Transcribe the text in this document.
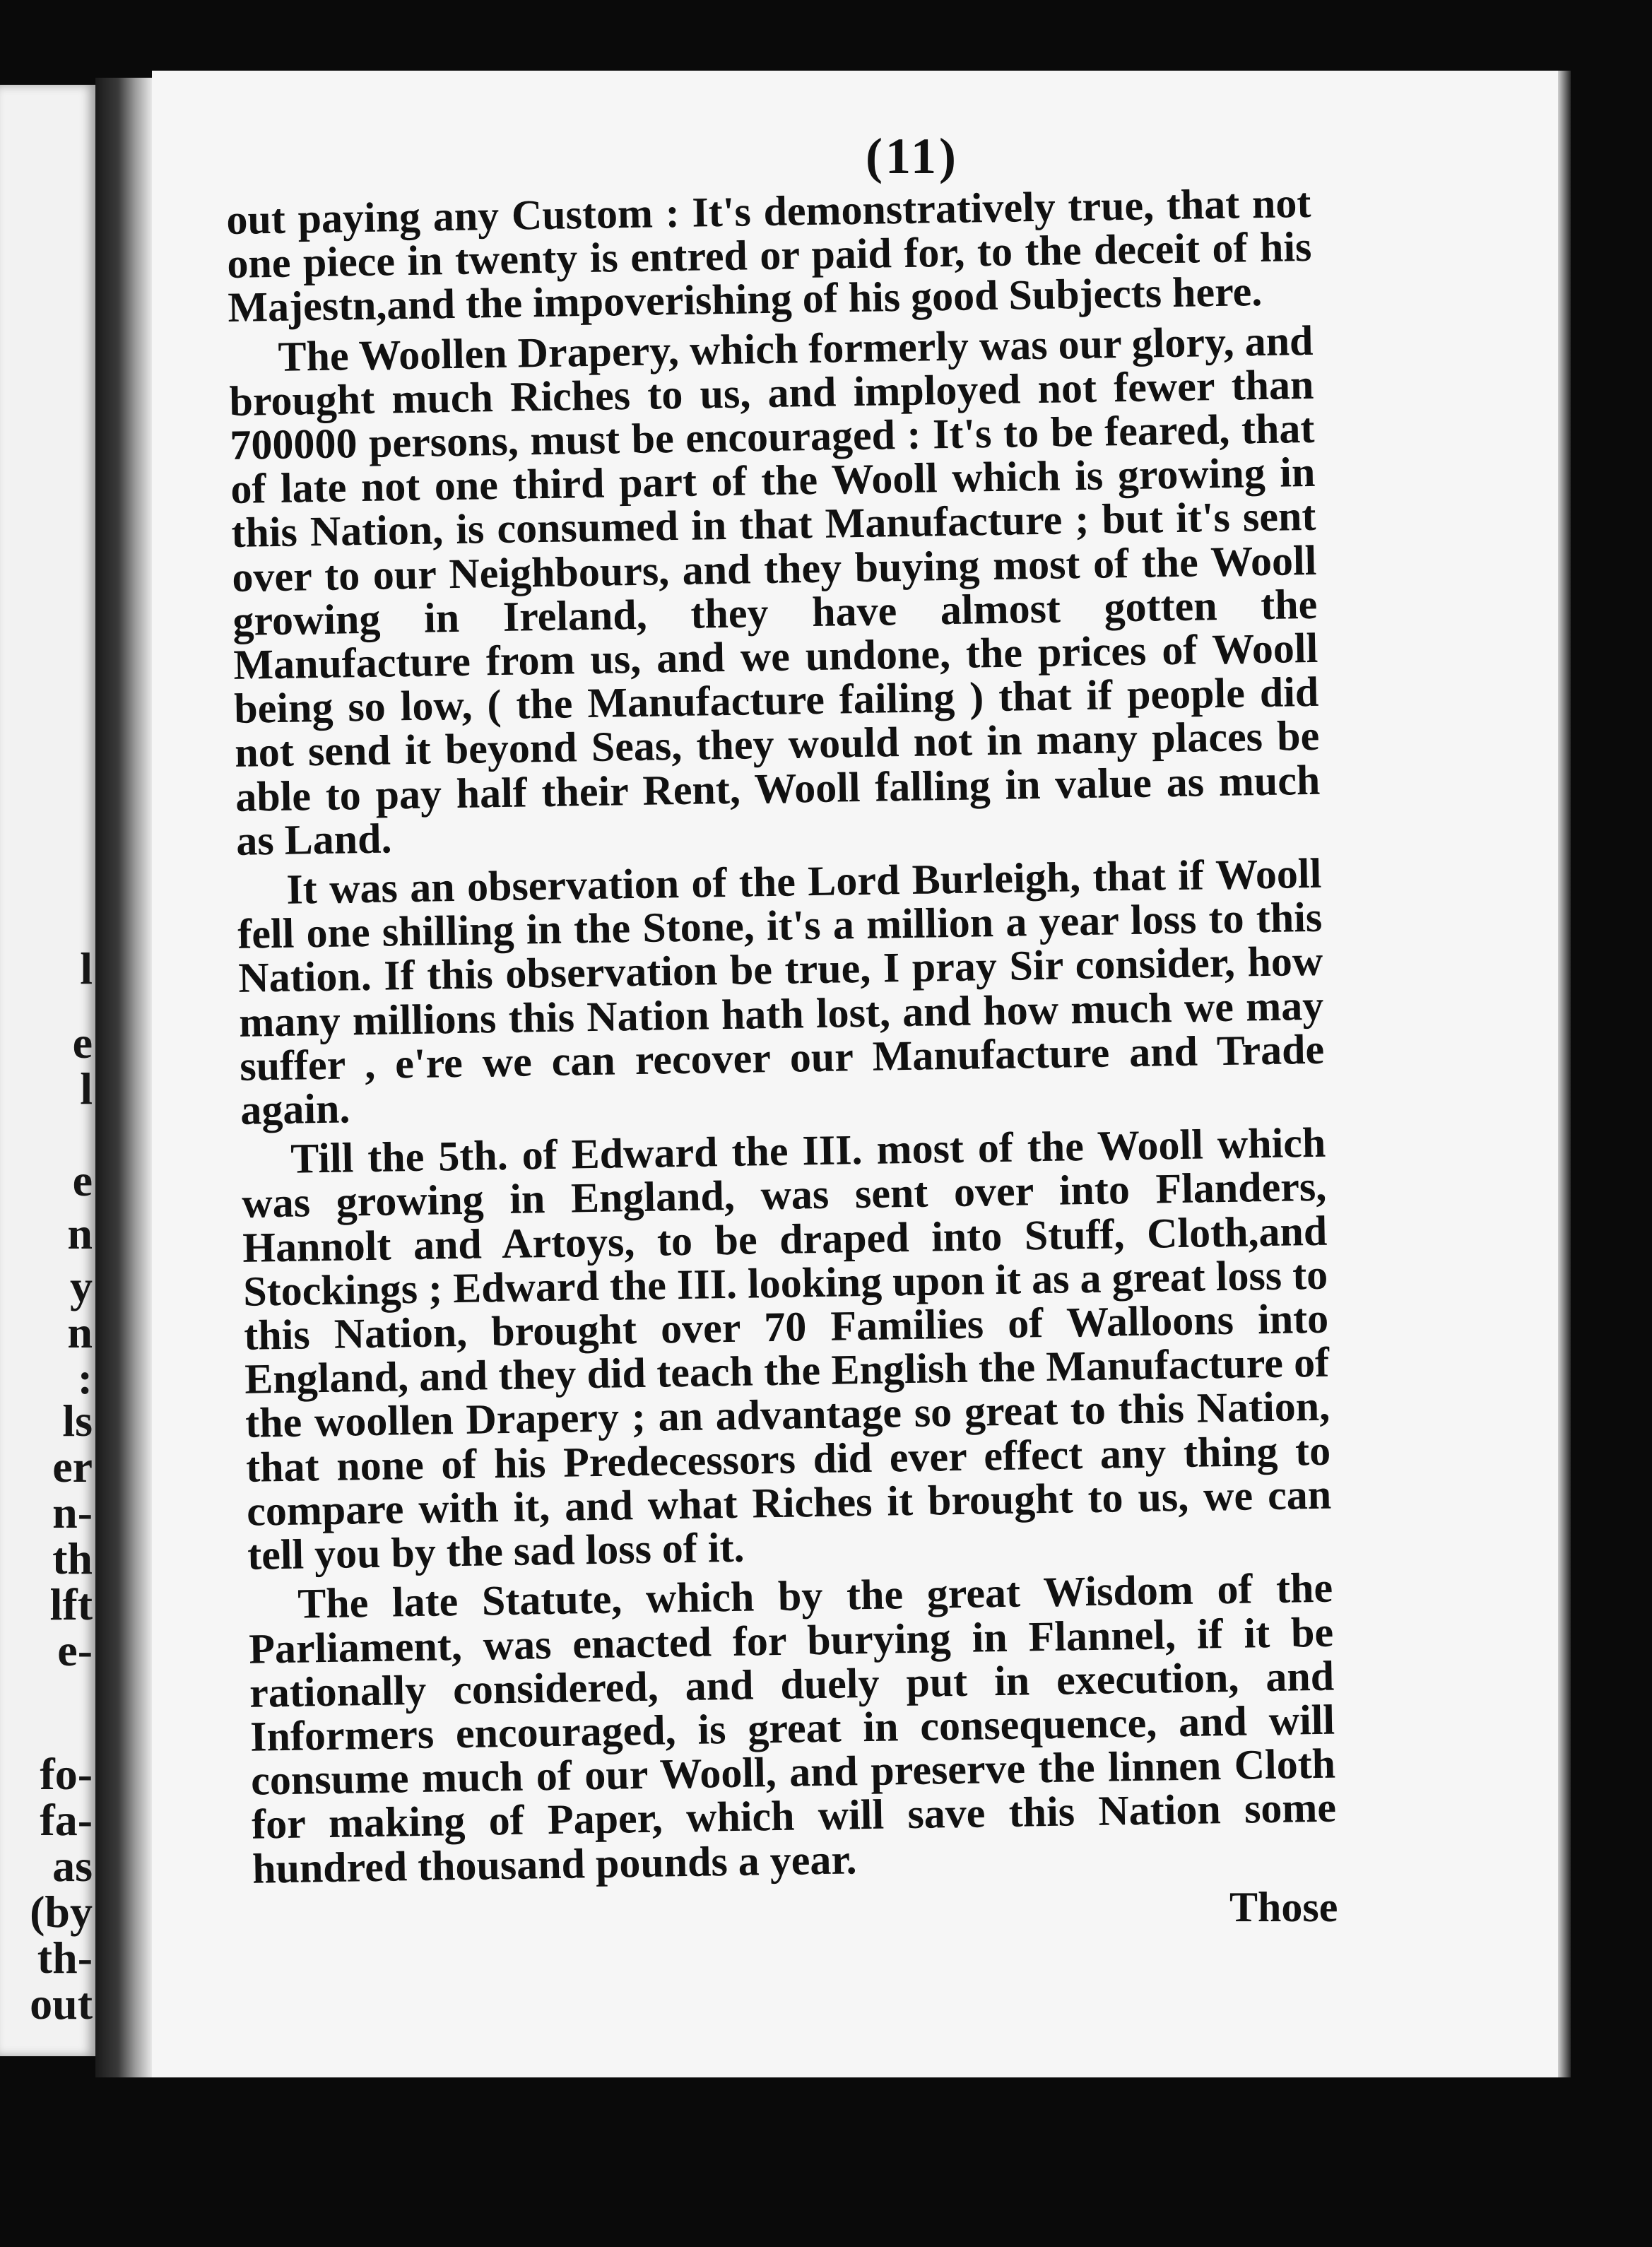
l
e
l
e
n
y
n
:
ls
er
n-
th
lft
e-
fo-
fa-
as
(by
th-
out
(11)

out paying any Custom : It's demonstratively true, that not one piece in twenty is entred or paid for, to the deceit of his Majestn,and the impoverishing of his good Subjects here.

The Woollen Drapery, which formerly was our glory, and brought much Riches to us, and imployed not fewer than 700000 persons, must be encouraged : It's to be feared, that of late not one third part of the Wooll which is growing in this Nation, is consumed in that Manufacture ; but it's sent over to our Neighbours, and they buying most of the Wooll growing in Ireland, they have almost gotten the Manufacture from us, and we undone, the prices of Wooll being so low, ( the Manufacture failing ) that if people did not send it beyond Seas, they would not in many places be able to pay half their Rent, Wooll falling in value as much as Land.

It was an observation of the Lord Burleigh, that if Wooll fell one shilling in the Stone, it's a million a year loss to this Nation. If this observation be true, I pray Sir consider, how many millions this Nation hath lost, and how much we may suffer , e're we can recover our Manufacture and Trade again.

Till the 5th. of Edward the III. most of the Wooll which was growing in England, was sent over into Flanders, Hannolt and Artoys, to be draped into Stuff, Cloth,and Stockings ; Edward the III. looking upon it as a great loss to this Nation, brought over 70 Families of Walloons into England, and they did teach the English the Manufacture of the woollen Drapery ; an advantage so great to this Nation, that none of his Predecessors did ever effect any thing to compare with it, and what Riches it brought to us, we can tell you by the sad loss of it.

The late Statute, which by the great Wisdom of the Parliament, was enacted for burying in Flannel, if it be rationally considered, and duely put in execution, and Informers encouraged, is great in consequence, and will consume much of our Wooll, and preserve the linnen Cloth for making of Paper, which will save this Nation some hundred thousand pounds a year.

Those
